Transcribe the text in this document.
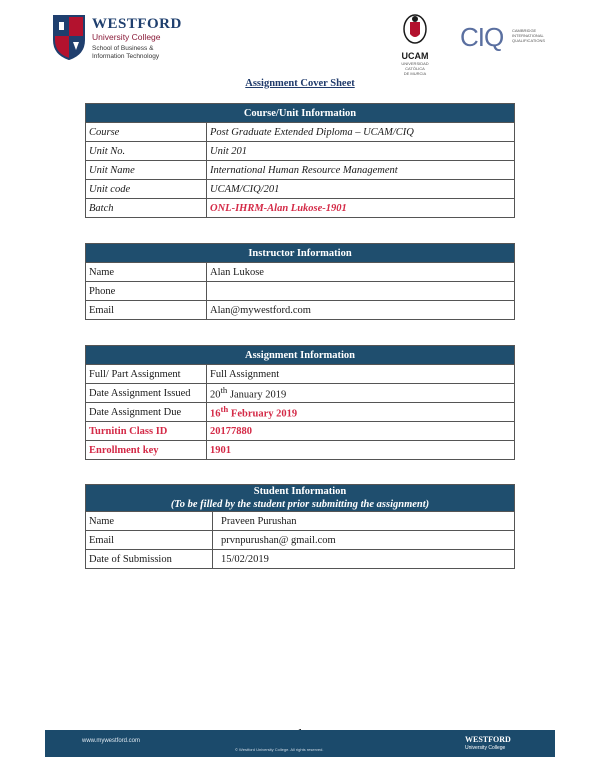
WESTFORD
University College
School of Business &
Information Technology	UCAM
UNIVERSIDAD CATÓLICA
DE MURCIA
CIQ CAMBRIDGE
INTERNATIONAL
QUALIFICATIONS
Assignment Cover Sheet
Course/Unit Information	
Course	Post Graduate Extended Diploma – UCAM/CIQ
Unit No.	Unit 201
Unit Name	International Human Resource Management
Unit code	UCAM/CIQ/201
Batch	ONL-IHRM-Alan Lukose-1901
Instructor Information	
Name	Alan Lukose
Phone	
Email	Alan@mywestford.com
Assignment Information	
Full/ Part Assignment	Full Assignment
Date Assignment Issued	20th January 2019
Date Assignment Due	16th February 2019
Turnitin Class ID	20177880
Enrollment key	1901
Student Information
(To be filled by the student prior submitting the assignment)	

Name	Praveen Purushan
Email	prvnpurushan@ gmail.com
Date of Submission	15/02/2019
www.mywestford.com
© Westford University College. All rights reserved.
WESTFORD
University College
